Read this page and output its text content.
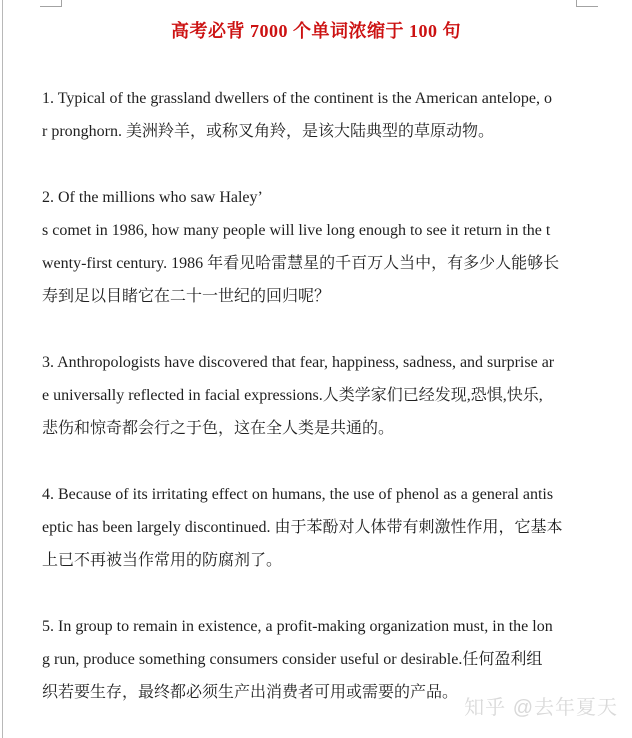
高考必背 7000 个单词浓缩于 100 句

1. Typical of the grassland dwellers of the continent is the American antelope, o
r pronghorn. 美洲羚羊，或称叉角羚，是该大陆典型的草原动物。

2. Of the millions who saw Haley’
s comet in 1986, how many people will live long enough to see it return in the t
wenty-first century. 1986 年看见哈雷慧星的千百万人当中，有多少人能够长
寿到足以目睹它在二十一世纪的回归呢？

3. Anthropologists have discovered that fear, happiness, sadness, and surprise ar
e universally reflected in facial expressions.人类学家们已经发现,恐惧,快乐,
悲伤和惊奇都会行之于色，这在全人类是共通的。

4. Because of its irritating effect on humans, the use of phenol as a general antis
eptic has been largely discontinued. 由于苯酚对人体带有刺激性作用，它基本
上已不再被当作常用的防腐剂了。

5. In group to remain in existence, a profit-making organization must, in the lon
g run, produce something consumers consider useful or desirable.任何盈利组
织若要生存，最终都必须生产出消费者可用或需要的产品。

知乎 @去年夏天
